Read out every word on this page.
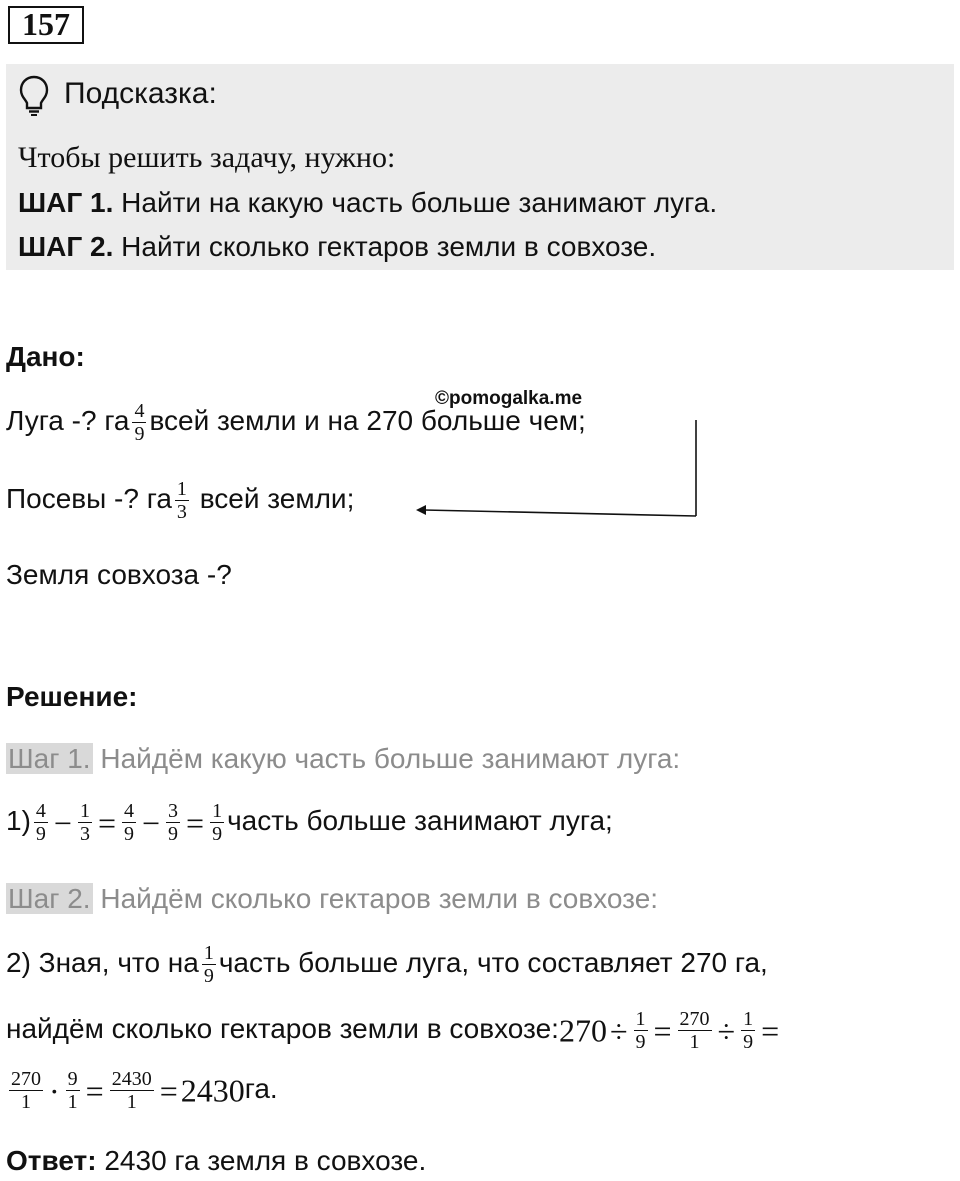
157
Подсказка:
Чтобы решить задачу, нужно:
ШАГ 1. Найти на какую часть больше занимают луга.
ШАГ 2. Найти сколько гектаров земли в совхозе.
Дано:
©pomogalka.me
Луга -? га $\frac{4}{9}$ всей земли и на 270 больше чем;
Посевы -? га $\frac{1}{3}$ всей земли;
Земля совхоза -?
Решение:
Шаг 1. Найдём какую часть больше занимают луга:
$1) \frac{4}{9} - \frac{1}{3} = \frac{4}{9} - \frac{3}{9} = \frac{1}{9}$ часть больше занимают луга;
Шаг 2. Найдём сколько гектаров земли в совхозе:
2) Зная, что на $\frac{1}{9}$ часть больше луга, что составляет 270 га,
найдём сколько гектаров земли в совхозе:270÷ $\frac{1}{9} = \frac{270}{1} \div \frac{1}{9}$ =
$\frac{270}{1} \cdot \frac{9}{1} = \frac{2430}{1} =2430га$.
Ответ: 2430 га земля в совхозе.
